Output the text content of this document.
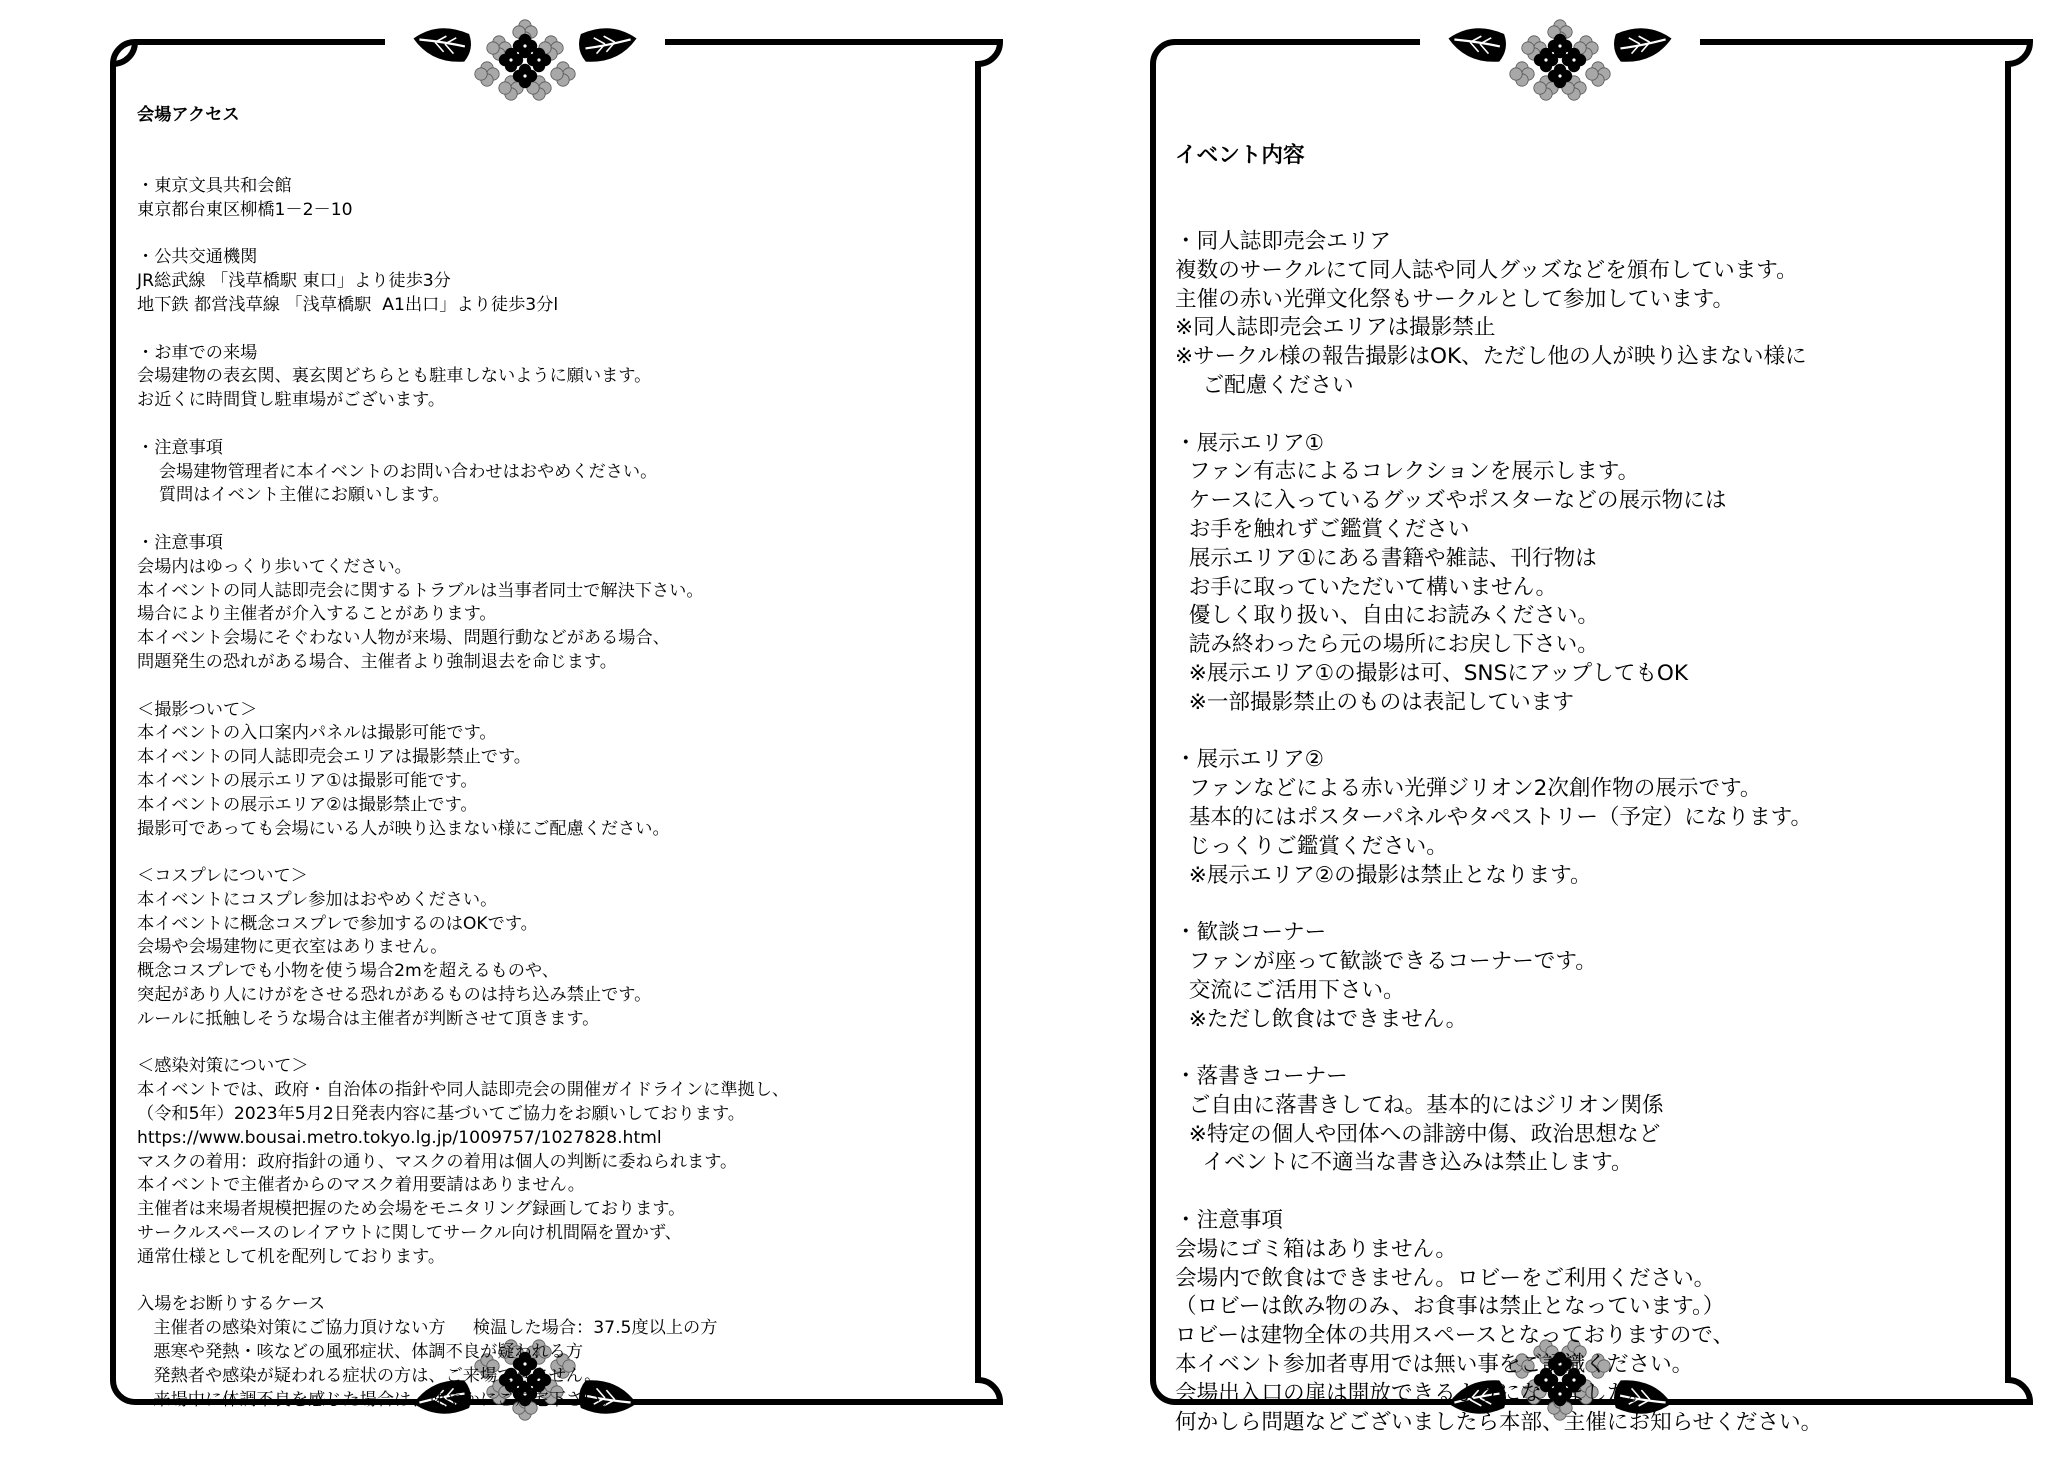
会場アクセス

・東京文具共和会館
東京都台東区柳橋1－2－10
・公共交通機関
JR総武線 「浅草橋駅 東口」より徒歩3分
地下鉄 都営浅草線 「浅草橋駅  A1出口」より徒歩3分l
・お車での来場
会場建物の表玄関、裏玄関どちらとも駐車しないように願います。
お近くに時間貸し駐車場がございます。
・注意事項
会場建物管理者に本イベントのお問い合わせはおやめください。
質問はイベント主催にお願いします。
・注意事項
会場内はゆっくり歩いてください。
本イベントの同人誌即売会に関するトラブルは当事者同士で解決下さい。
場合により主催者が介入することがあります。
本イベント会場にそぐわない人物が来場、問題行動などがある場合、
問題発生の恐れがある場合、主催者より強制退去を命じます。
＜撮影ついて＞
本イベントの入口案内パネルは撮影可能です。
本イベントの同人誌即売会エリアは撮影禁止です。
本イベントの展示エリア①は撮影可能です。
本イベントの展示エリア②は撮影禁止です。
撮影可であっても会場にいる人が映り込まない様にご配慮ください。
＜コスプレについて＞
本イベントにコスプレ参加はおやめください。
本イベントに概念コスプレで参加するのはOKです。
会場や会場建物に更衣室はありません。
概念コスプレでも小物を使う場合2mを超えるものや、
突起があり人にけがをさせる恐れがあるものは持ち込み禁止です。
ルールに抵触しそうな場合は主催者が判断させて頂きます。
＜感染対策について＞
本イベントでは、政府・自治体の指針や同人誌即売会の開催ガイドラインに準拠し、
（令和5年）2023年5月2日発表内容に基づいてご協力をお願いしております。
https://www.bousai.metro.tokyo.lg.jp/1009757/1027828.html
マスクの着用：政府指針の通り、マスクの着用は個人の判断に委ねられます。
本イベントで主催者からのマスク着用要請はありません。
主催者は来場者規模把握のため会場をモニタリング録画しております。
サークルスペースのレイアウトに関してサークル向け机間隔を置かず、
通常仕様として机を配列しております。
入場をお断りするケース
主催者の感染対策にご協力頂けない方     検温した場合：37.5度以上の方
悪寒や発熱・咳などの風邪症状、体調不良が疑われる方
発熱者や感染が疑われる症状の方は、ご来場できません。
来場中に体調不良を感じた場合は、速やかにご帰宅下さい。

イベント内容

・同人誌即売会エリア
複数のサークルにて同人誌や同人グッズなどを頒布しています。
主催の赤い光弾文化祭もサークルとして参加しています。
※同人誌即売会エリアは撮影禁止
※サークル様の報告撮影はOK、ただし他の人が映り込まない様に
ご配慮ください
・展示エリア①
ファン有志によるコレクションを展示します。
ケースに入っているグッズやポスターなどの展示物には
お手を触れずご鑑賞ください
展示エリア①にある書籍や雑誌、刊行物は
お手に取っていただいて構いません。
優しく取り扱い、自由にお読みください。
読み終わったら元の場所にお戻し下さい。
※展示エリア①の撮影は可、SNSにアップしてもOK
※一部撮影禁止のものは表記しています
・展示エリア②
ファンなどによる赤い光弾ジリオン2次創作物の展示です。
基本的にはポスターパネルやタペストリー（予定）になります。
じっくりご鑑賞ください。
※展示エリア②の撮影は禁止となります。
・歓談コーナー
ファンが座って歓談できるコーナーです。
交流にご活用下さい。
※ただし飲食はできません。
・落書きコーナー
ご自由に落書きしてね。基本的にはジリオン関係
※特定の個人や団体への誹謗中傷、政治思想など
イベントに不適当な書き込みは禁止します。
・注意事項
会場にゴミ箱はありません。
会場内で飲食はできません。ロビーをご利用ください。
（ロビーは飲み物のみ、お食事は禁止となっています。）
ロビーは建物全体の共用スペースとなっておりますので、
本イベント参加者専用では無い事をご認識ください。
会場出入口の扉は開放できるようになりました。
何かしら問題などございましたら本部、主催にお知らせください。
